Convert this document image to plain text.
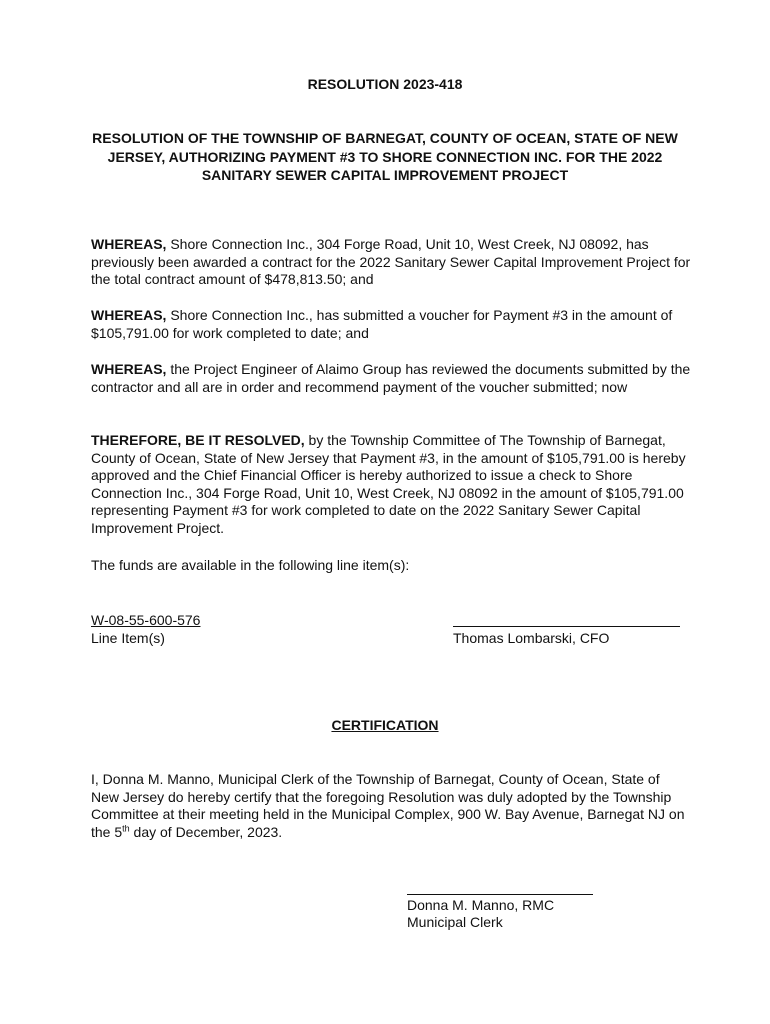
RESOLUTION 2023-418
RESOLUTION OF THE TOWNSHIP OF BARNEGAT, COUNTY OF OCEAN, STATE OF NEW JERSEY, AUTHORIZING PAYMENT #3 TO SHORE CONNECTION INC. FOR THE 2022 SANITARY SEWER CAPITAL IMPROVEMENT PROJECT

WHEREAS, Shore Connection Inc., 304 Forge Road, Unit 10, West Creek, NJ 08092, has previously been awarded a contract for the 2022 Sanitary Sewer Capital Improvement Project for the total contract amount of $478,813.50; and

WHEREAS, Shore Connection Inc., has submitted a voucher for Payment #3 in the amount of $105,791.00 for work completed to date; and

WHEREAS, the Project Engineer of Alaimo Group has reviewed the documents submitted by the contractor and all are in order and recommend payment of the voucher submitted; now

THEREFORE, BE IT RESOLVED, by the Township Committee of The Township of Barnegat, County of Ocean, State of New Jersey that Payment #3, in the amount of $105,791.00 is hereby approved and the Chief Financial Officer is hereby authorized to issue a check to Shore Connection Inc., 304 Forge Road, Unit 10, West Creek, NJ 08092 in the amount of $105,791.00 representing Payment #3 for work completed to date on the 2022 Sanitary Sewer Capital Improvement Project.

The funds are available in the following line item(s):

W-08-55-600-576
Line Item(s)	Thomas Lombarski, CFO
CERTIFICATION

I, Donna M. Manno, Municipal Clerk of the Township of Barnegat, County of Ocean, State of New Jersey do hereby certify that the foregoing Resolution was duly adopted by the Township Committee at their meeting held in the Municipal Complex, 900 W. Bay Avenue, Barnegat NJ on the 5th day of December, 2023.

Donna M. Manno, RMC
Municipal Clerk
